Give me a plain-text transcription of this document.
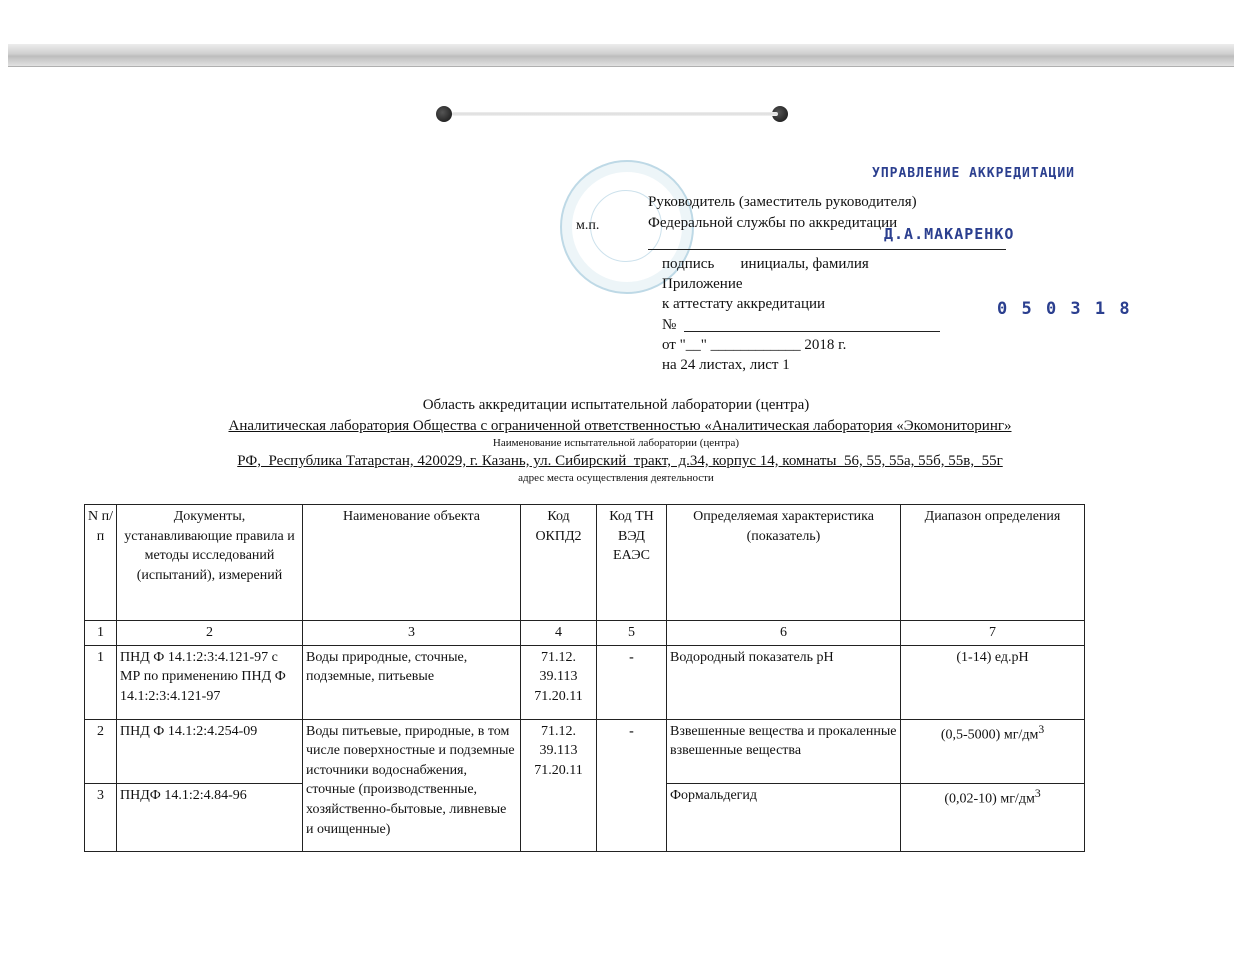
УПРАВЛЕНИЕ АККРЕДИТАЦИИ
Руководитель (заместитель руководителя)
м.п.	Федеральной службы по аккредитации
Д.А.МАКАРЕНКО
подпись       инициалы, фамилия
Приложение
к аттестату аккредитации	0 5 0 3 1 8
№
от "__" ____________ 2018 г.
на 24 листах, лист 1
Область аккредитации испытательной лаборатории (центра)
Аналитическая лаборатория Общества с ограниченной ответственностью «Аналитическая лаборатория «Экомониторинг»
Наименование испытательной лаборатории (центра)
РФ,  Республика Татарстан, 420029, г. Казань, ул. Сибирский  тракт,  д.34, корпус 14, комнаты  56, 55, 55а, 55б, 55в,  55г
адрес места осуществления деятельности
N п/п	Документы, устанавливающие правила и методы исследований (испытаний), измерений	Наименование объекта	Код ОКПД2	Код ТН ВЭД ЕАЭС	Определяемая характеристика (показатель)	Диапазон определения
1	2	3	4	5	6	7
1	ПНД Ф 14.1:2:3:4.121-97 с МР по применению ПНД Ф 14.1:2:3:4.121-97	Воды природные, сточные, подземные, питьевые	71.12. 39.113 71.20.11	-	Водородный показатель pH	(1-14) ед.pH
2	ПНД Ф 14.1:2:4.254-09	Воды питьевые, природные, в том числе поверхностные и подземные источники водоснабжения, сточные (производственные, хозяйственно-бытовые, ливневые и очищенные)	71.12. 39.113 71.20.11	-	Взвешенные вещества и прокаленные взвешенные вещества	(0,5-5000) $мг/дм^3$
3	ПНДФ 14.1:2:4.84-96				Формальдегид	(0,02-10) $мг/дм^3$
